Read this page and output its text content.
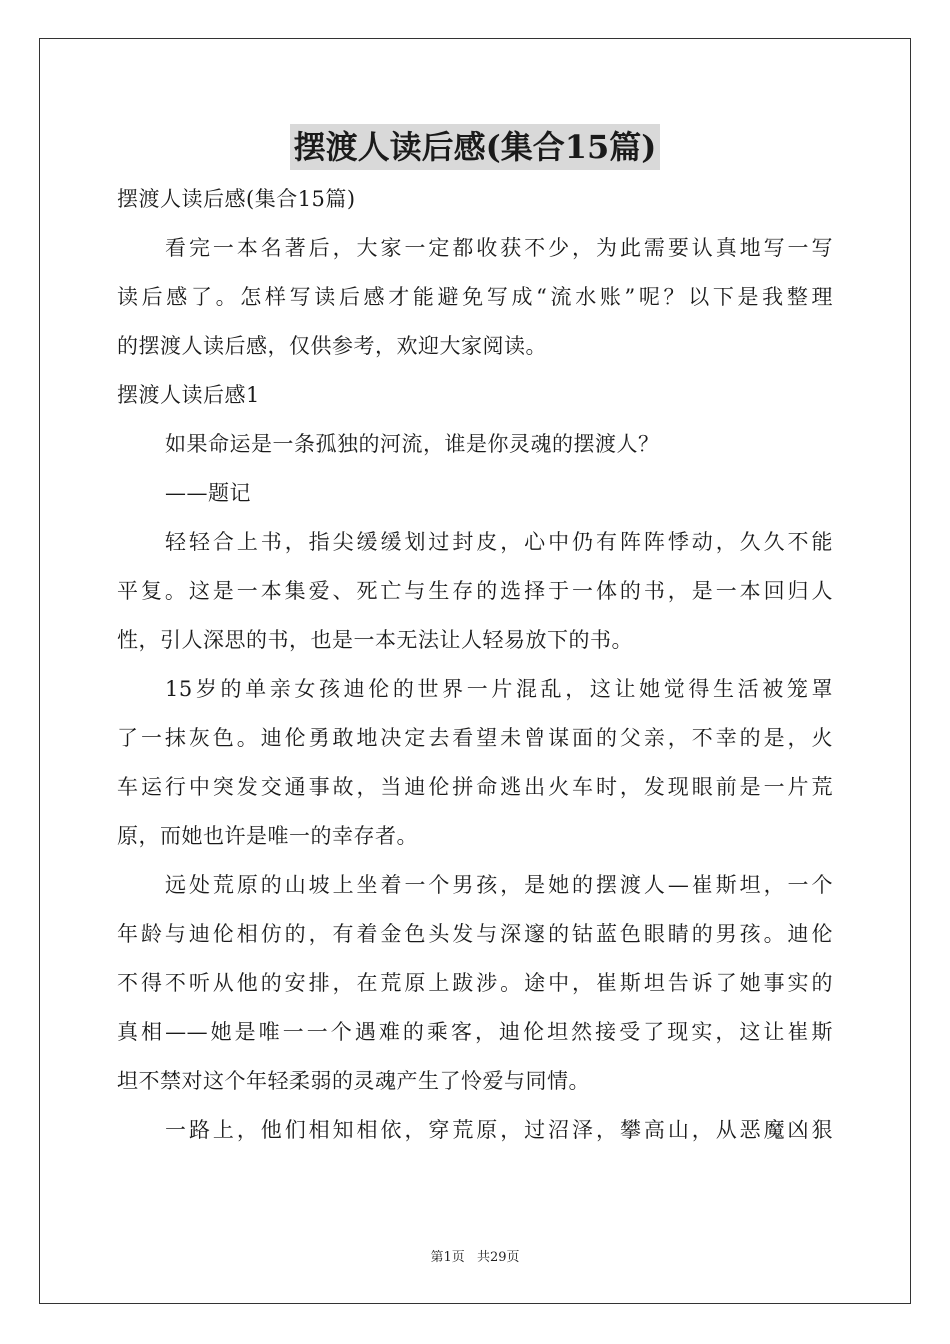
摆渡人读后感(集合15篇)
摆渡人读后感(集合15篇)
看完一本名著后，大家一定都收获不少，为此需要认真地写一写
读后感了。怎样写读后感才能避免写成“流水账”呢？以下是我整理
的摆渡人读后感，仅供参考，欢迎大家阅读。
摆渡人读后感1
如果命运是一条孤独的河流，谁是你灵魂的摆渡人？
——题记
轻轻合上书，指尖缓缓划过封皮，心中仍有阵阵悸动，久久不能
平复。这是一本集爱、死亡与生存的选择于一体的书，是一本回归人
性，引人深思的书，也是一本无法让人轻易放下的书。
15岁的单亲女孩迪伦的世界一片混乱，这让她觉得生活被笼罩
了一抹灰色。迪伦勇敢地决定去看望未曾谋面的父亲，不幸的是，火
车运行中突发交通事故，当迪伦拼命逃出火车时，发现眼前是一片荒
原，而她也许是唯一的幸存者。
远处荒原的山坡上坐着一个男孩，是她的摆渡人—崔斯坦，一个
年龄与迪伦相仿的，有着金色头发与深邃的钴蓝色眼睛的男孩。迪伦
不得不听从他的安排，在荒原上跋涉。途中，崔斯坦告诉了她事实的
真相——她是唯一一个遇难的乘客，迪伦坦然接受了现实，这让崔斯
坦不禁对这个年轻柔弱的灵魂产生了怜爱与同情。
一路上，他们相知相依，穿荒原，过沼泽，攀高山，从恶魔凶狠
第1页 共29页
